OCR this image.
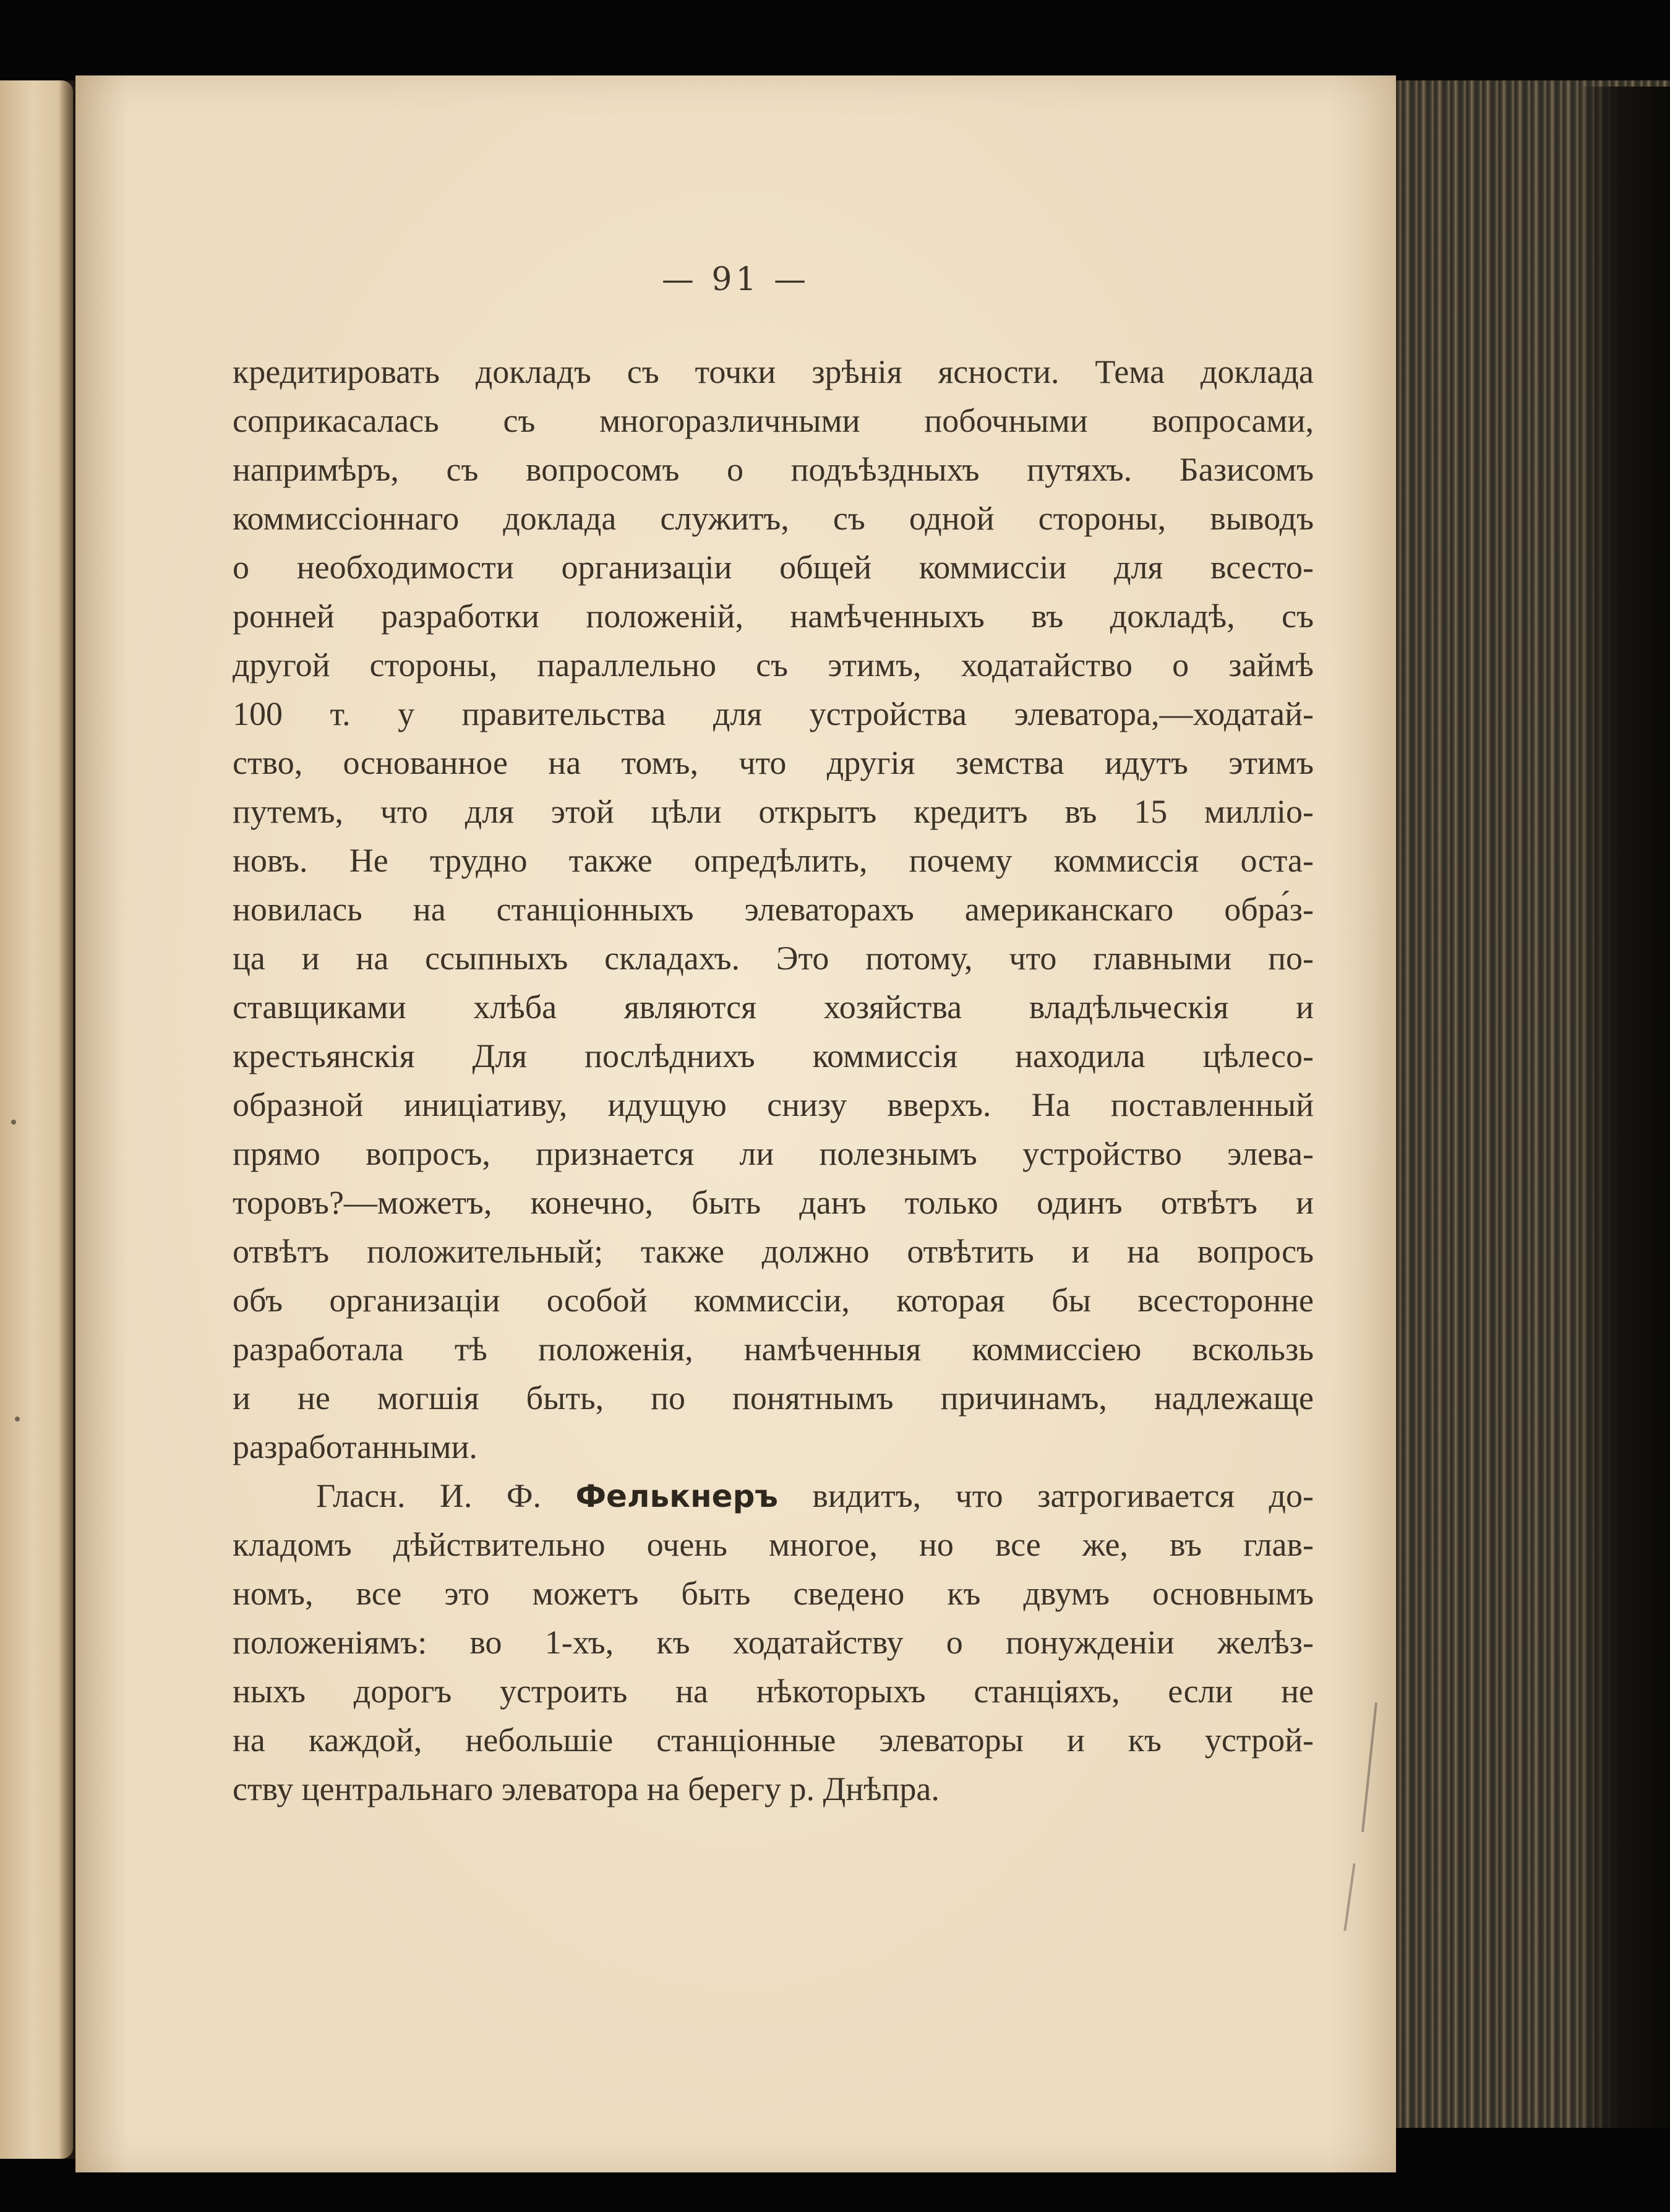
— 91 —
кредитировать докладъ съ точки зрѣнія ясности. Тема доклада
соприкасалась съ многоразличными побочными вопросами,
напримѣръ, съ вопросомъ о подъѣздныхъ путяхъ. Базисомъ
коммиссіоннаго доклада служитъ, съ одной стороны, выводъ
о необходимости организаціи общей коммиссіи для всесто-
ронней разработки положеній, намѣченныхъ въ докладѣ, съ
другой стороны, параллельно съ этимъ, ходатайство о займѣ
100 т. у правительства для устройства элеватора,—ходатай-
ство, основанное на томъ, что другія земства идутъ этимъ
путемъ, что для этой цѣли открытъ кредитъ въ 15 милліо-
новъ. Не трудно также опредѣлить, почему коммиссія оста-
новилась на станціонныхъ элеваторахъ американскаго обра́з-
ца и на ссыпныхъ складахъ. Это потому, что главными по-
ставщиками хлѣба являются хозяйства владѣльческія и
крестьянскія Для послѣднихъ коммиссія находила цѣлесо-
образной иниціативу, идущую снизу вверхъ. На поставленный
прямо вопросъ, признается ли полезнымъ устройство элева-
торовъ?—можетъ, конечно, быть данъ только одинъ отвѣтъ и
отвѣтъ положительный; также должно отвѣтить и на вопросъ
объ организаціи особой коммиссіи, которая бы всесторонне
разработала тѣ положенія, намѣченныя коммиссіею вскользь
и не могшія быть, по понятнымъ причинамъ, надлежаще
разработанными.
Гласн. И. Ф. Фелькнеръ видитъ, что затрогивается до-
кладомъ дѣйствительно очень многое, но все же, въ глав-
номъ, все это можетъ быть сведено къ двумъ основнымъ
положеніямъ: во 1-хъ, къ ходатайству о понужденіи желѣз-
ныхъ дорогъ устроить на нѣкоторыхъ станціяхъ, если не
на каждой, небольшіе станціонные элеваторы и къ устрой-
ству центральнаго элеватора на берегу р. Днѣпра.
